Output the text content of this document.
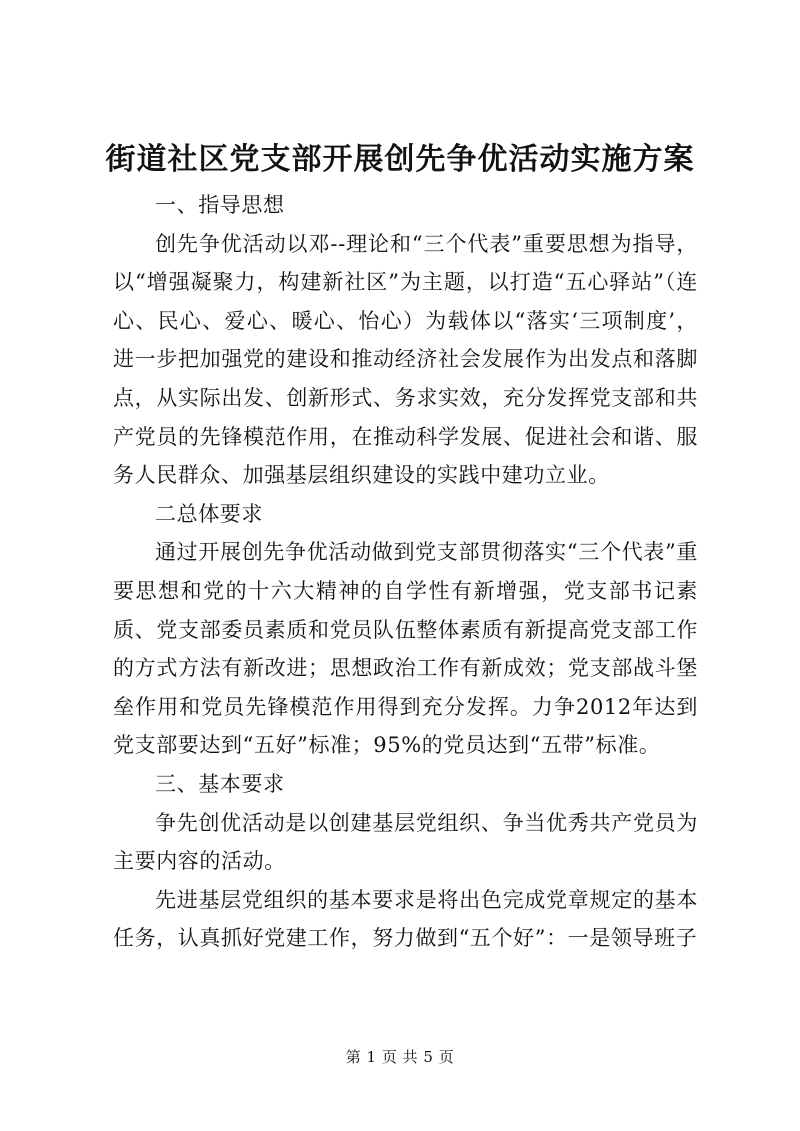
街道社区党支部开展创先争优活动实施方案

一、指导思想

创先争优活动以邓--理论和“三个代表”重要思想为指导，以“增强凝聚力，构建新社区”为主题，以打造“五心驿站”（连心、民心、爱心、暖心、怡心）为载体以“落实‘三项制度’，进一步把加强党的建设和推动经济社会发展作为出发点和落脚点，从实际出发、创新形式、务求实效，充分发挥党支部和共产党员的先锋模范作用，在推动科学发展、促进社会和谐、服务人民群众、加强基层组织建设的实践中建功立业。

二总体要求

通过开展创先争优活动做到党支部贯彻落实“三个代表”重要思想和党的十六大精神的自学性有新增强，党支部书记素质、党支部委员素质和党员队伍整体素质有新提高党支部工作的方式方法有新改进；思想政治工作有新成效；党支部战斗堡垒作用和党员先锋模范作用得到充分发挥。力争2012年达到党支部要达到“五好”标准；95%的党员达到“五带”标准。

三、基本要求

争先创优活动是以创建基层党组织、争当优秀共产党员为主要内容的活动。

先进基层党组织的基本要求是将出色完成党章规定的基本任务，认真抓好党建工作，努力做到“五个好”：一是领导班子

第 1 页 共 5 页
